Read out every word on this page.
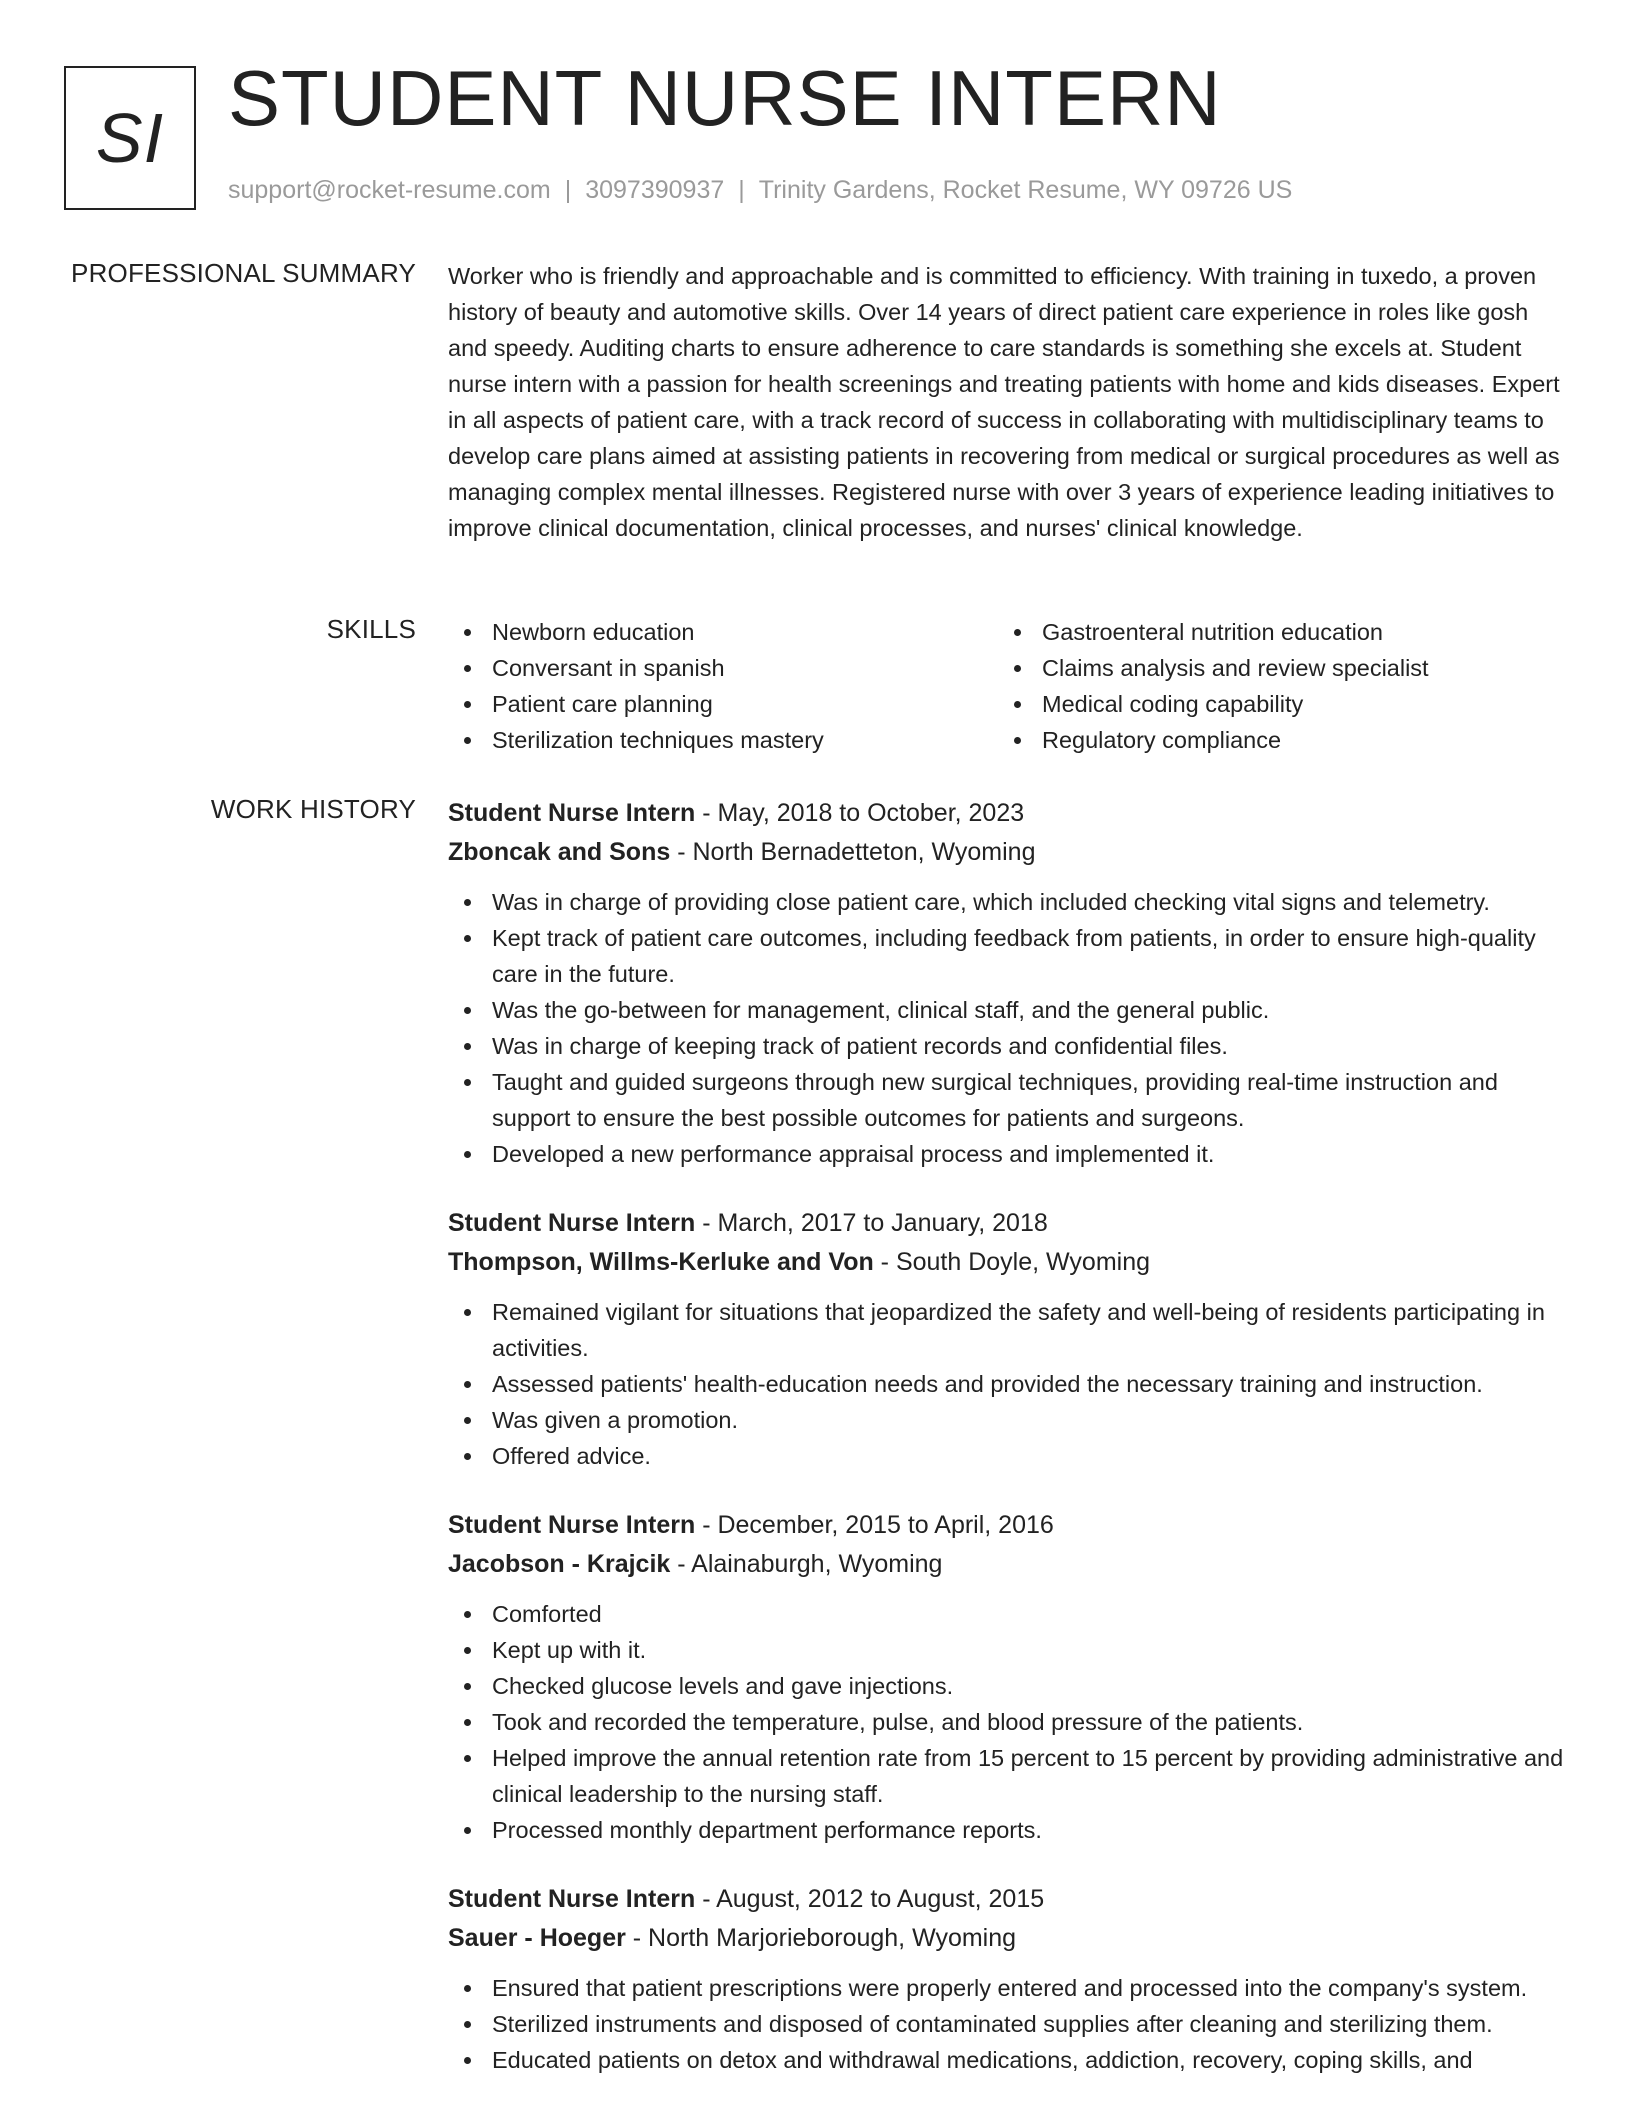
SI STUDENT NURSE INTERN
support@rocket-resume.com | 3097390937 | Trinity Gardens, Rocket Resume, WY 09726 US
PROFESSIONAL SUMMARY Worker who is friendly and approachable and is committed to efficiency. With training in tuxedo, a proven history of beauty and automotive skills. Over 14 years of direct patient care experience in roles like gosh and speedy. Auditing charts to ensure adherence to care standards is something she excels at. Student nurse intern with a passion for health screenings and treating patients with home and kids diseases. Expert in all aspects of patient care, with a track record of success in collaborating with multidisciplinary teams to develop care plans aimed at assisting patients in recovering from medical or surgical procedures as well as managing complex mental illnesses. Registered nurse with over 3 years of experience leading initiatives to improve clinical documentation, clinical processes, and nurses' clinical knowledge.

SKILLS	Newborn education
Conversant in spanish
Patient care planning
Sterilization techniques mastery
Gastroenteral nutrition education
Claims analysis and review specialist
Medical coding capability
Regulatory compliance
WORK HISTORY Student Nurse Intern - May, 2018 to October, 2023
Zboncak and Sons - North Bernadetteton, Wyoming
Was in charge of providing close patient care, which included checking vital signs and telemetry.
Kept track of patient care outcomes, including feedback from patients, in order to ensure high-quality care in the future.
Was the go-between for management, clinical staff, and the general public.
Was in charge of keeping track of patient records and confidential files.
Taught and guided surgeons through new surgical techniques, providing real-time instruction and support to ensure the best possible outcomes for patients and surgeons.
Developed a new performance appraisal process and implemented it.
Student Nurse Intern - March, 2017 to January, 2018
Thompson, Willms-Kerluke and Von - South Doyle, Wyoming
Remained vigilant for situations that jeopardized the safety and well-being of residents participating in activities.
Assessed patients' health-education needs and provided the necessary training and instruction.
Was given a promotion.
Offered advice.
Student Nurse Intern - December, 2015 to April, 2016
Jacobson - Krajcik - Alainaburgh, Wyoming
Comforted
Kept up with it.
Checked glucose levels and gave injections.
Took and recorded the temperature, pulse, and blood pressure of the patients.
Helped improve the annual retention rate from 15 percent to 15 percent by providing administrative and clinical leadership to the nursing staff.
Processed monthly department performance reports.
Student Nurse Intern - August, 2012 to August, 2015
Sauer - Hoeger - North Marjorieborough, Wyoming
Ensured that patient prescriptions were properly entered and processed into the company's system.
Sterilized instruments and disposed of contaminated supplies after cleaning and sterilizing them.
Educated patients on detox and withdrawal medications, addiction, recovery, coping skills, and
